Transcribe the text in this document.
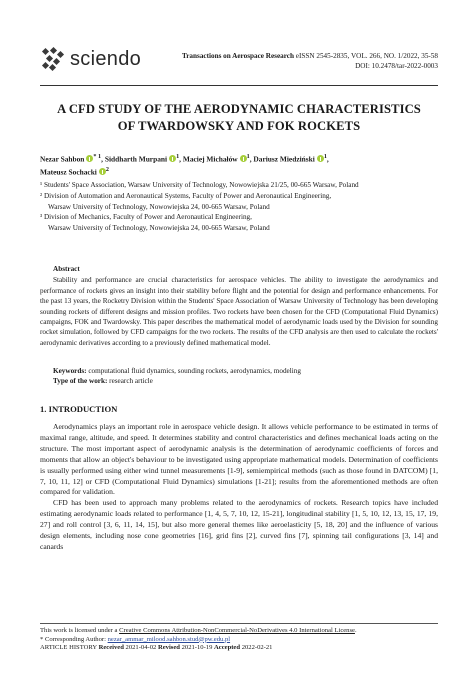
sciendo	Transactions on Aerospace Research eISSN 2545-2835, VOL. 266, NO. 1/2022, 35-58
DOI: 10.2478/tar-2022-0003
A CFD STUDY OF THE AERODYNAMIC CHARACTERISTICS
OF TWARDOWSKY AND FOK ROCKETS
Nezar Sahbon $^{* 1}$, Siddharth Murpani $^1$, Maciej Michałów $^1$, Dariusz Miedziński $^1$,
Mateusz Sochacki $^2$
¹ Students' Space Association, Warsaw University of Technology, Nowowiejska 21/25, 00-665 Warsaw, Poland
² Division of Automation and Aeronautical Systems, Faculty of Power and Aeronautical Engineering,
Warsaw University of Technology, Nowowiejska 24, 00-665 Warsaw, Poland
³ Division of Mechanics, Faculty of Power and Aeronautical Engineering,
Warsaw University of Technology, Nowowiejska 24, 00-665 Warsaw, Poland
Abstract

Stability and performance are crucial characteristics for aerospace vehicles. The ability to investigate the aerodynamics and performance of rockets gives an insight into their stability before flight and the potential for design and performance enhancements. For the past 13 years, the Rocketry Division within the Students' Space Association of Warsaw University of Technology has been developing sounding rockets of different designs and mission profiles. Two rockets have been chosen for the CFD (Computational Fluid Dynamics) campaigns, FOK and Twardowsky. This paper describes the mathematical model of aerodynamic loads used by the Division for sounding rocket simulation, followed by CFD campaigns for the two rockets. The results of the CFD analysis are then used to calculate the rockets' aerodynamic derivatives according to a previously defined mathematical model.

Keywords: computational fluid dynamics, sounding rockets, aerodynamics, modeling
Type of the work: research article
1. INTRODUCTION

Aerodynamics plays an important role in aerospace vehicle design. It allows vehicle performance to be estimated in terms of maximal range, altitude, and speed. It determines stability and control characteristics and defines mechanical loads acting on the structure. The most important aspect of aerodynamic analysis is the determination of aerodynamic coefficients of forces and moments that allow an object's behaviour to be investigated using appropriate mathematical models. Determination of coefficients is usually performed using either wind tunnel measurements [1-9], semiempirical methods (such as those found in DATCOM) [1, 7, 10, 11, 12] or CFD (Computational Fluid Dynamics) simulations [1-21]; results from the aforementioned methods are often compared for validation.

CFD has been used to approach many problems related to the aerodynamics of rockets. Research topics have included estimating aerodynamic loads related to performance [1, 4, 5, 7, 10, 12, 15-21], longitudinal stability [1, 5, 10, 12, 13, 15, 17, 19, 27] and roll control [3, 6, 11, 14, 15], but also more general themes like aeroelasticity [5, 18, 20] and the influence of various design elements, including nose cone geometries [16], grid fins [2], curved fins [7], spinning tail configurations [3, 14] and canards

This work is licensed under a Creative Commons Attribution-NonCommercial-NoDerivatives 4.0 International License.
* Corresponding Author: nezar_ammar_milood.sahbon.stud@pw.edu.pl
ARTICLE HISTORY Received 2021-04-02 Revised 2021-10-19 Accepted 2022-02-21
